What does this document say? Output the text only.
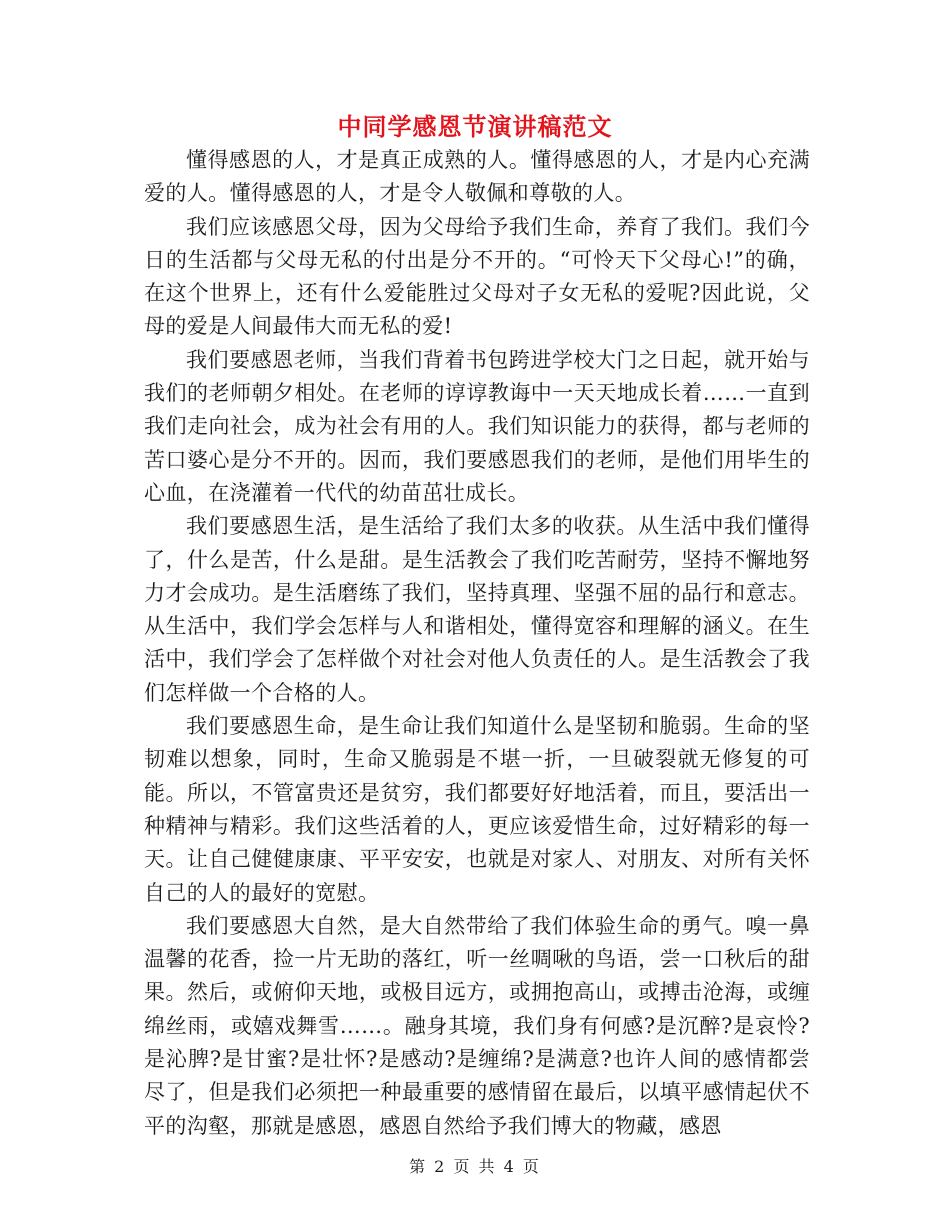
中同学感恩节演讲稿范文

懂得感恩的人，才是真正成熟的人。懂得感恩的人，才是内心充满爱的人。懂得感恩的人，才是令人敬佩和尊敬的人。

我们应该感恩父母，因为父母给予我们生命，养育了我们。我们今日的生活都与父母无私的付出是分不开的。“可怜天下父母心!”的确，在这个世界上，还有什么爱能胜过父母对子女无私的爱呢?因此说，父母的爱是人间最伟大而无私的爱!

我们要感恩老师，当我们背着书包跨进学校大门之日起，就开始与我们的老师朝夕相处。在老师的谆谆教诲中一天天地成长着……一直到我们走向社会，成为社会有用的人。我们知识能力的获得，都与老师的苦口婆心是分不开的。因而，我们要感恩我们的老师，是他们用毕生的心血，在浇灌着一代代的幼苗茁壮成长。

我们要感恩生活，是生活给了我们太多的收获。从生活中我们懂得了，什么是苦，什么是甜。是生活教会了我们吃苦耐劳，坚持不懈地努力才会成功。是生活磨练了我们，坚持真理、坚强不屈的品行和意志。从生活中，我们学会怎样与人和谐相处，懂得宽容和理解的涵义。在生活中，我们学会了怎样做个对社会对他人负责任的人。是生活教会了我们怎样做一个合格的人。

我们要感恩生命，是生命让我们知道什么是坚韧和脆弱。生命的坚韧难以想象，同时，生命又脆弱是不堪一折，一旦破裂就无修复的可能。所以，不管富贵还是贫穷，我们都要好好地活着，而且，要活出一种精神与精彩。我们这些活着的人，更应该爱惜生命，过好精彩的每一天。让自己健健康康、平平安安，也就是对家人、对朋友、对所有关怀自己的人的最好的宽慰。

我们要感恩大自然，是大自然带给了我们体验生命的勇气。嗅一鼻温馨的花香，捡一片无助的落红，听一丝啁啾的鸟语，尝一口秋后的甜果。然后，或俯仰天地，或极目远方，或拥抱高山，或搏击沧海，或缠绵丝雨，或嬉戏舞雪……。融身其境，我们身有何感?是沉醉?是哀怜?是沁脾?是甘蜜?是壮怀?是感动?是缠绵?是满意?也许人间的感情都尝尽了，但是我们必须把一种最重要的感情留在最后，以填平感情起伏不平的沟壑，那就是感恩，感恩自然给予我们博大的物藏，感恩

第 2 页 共 4 页
